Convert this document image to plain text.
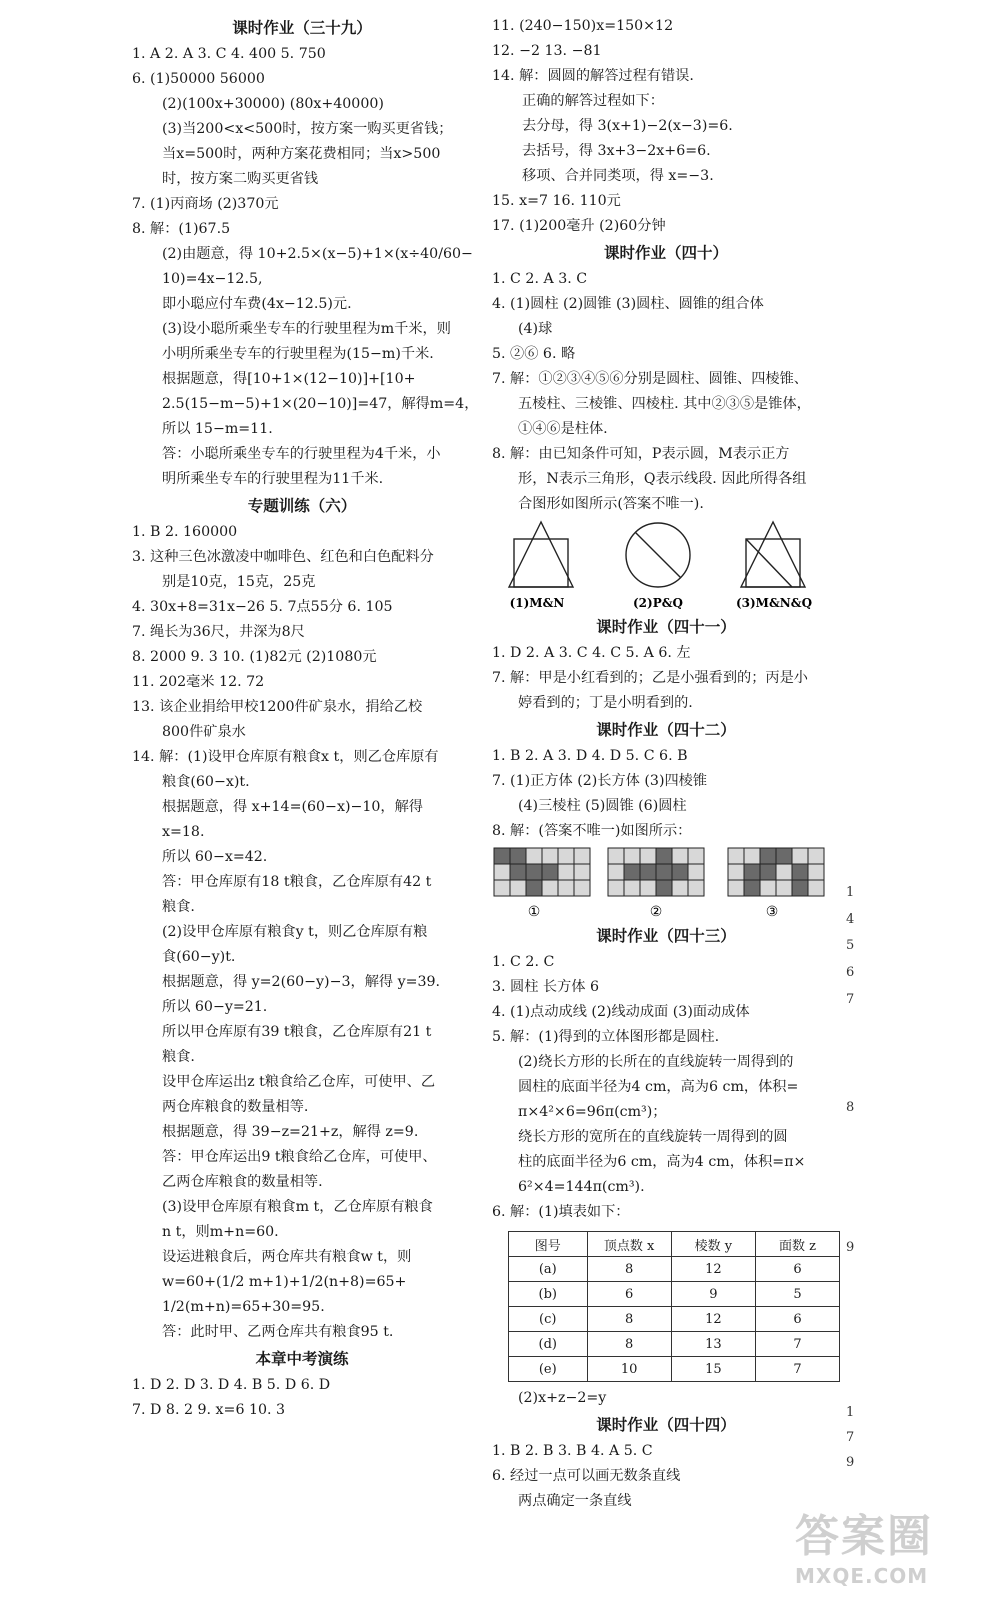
课时作业（三十九）
1. A 2. A 3. C 4. 400 5. 750
6. (1)50000 56000
(2)(100x+30000) (80x+40000)
(3)当200<x<500时，按方案一购买更省钱；
当x=500时，两种方案花费相同；当x>500
时，按方案二购买更省钱
7. (1)丙商场 (2)370元
8. 解：(1)67.5
(2)由题意，得 10+2.5×(x−5)+1×(x÷40/60−
10)=4x−12.5,
即小聪应付车费(4x−12.5)元.
(3)设小聪所乘坐专车的行驶里程为m千米，则
小明所乘坐专车的行驶里程为(15−m)千米.
根据题意，得[10+1×(12−10)]+[10+
2.5(15−m−5)+1×(20−10)]=47，解得m=4，
所以 15−m=11.
答：小聪所乘坐专车的行驶里程为4千米，小
明所乘坐专车的行驶里程为11千米.
专题训练（六）
1. B 2. 160000
3. 这种三色冰激凌中咖啡色、红色和白色配料分
别是10克，15克，25克
4. 30x+8=31x−26 5. 7点55分 6. 105
7. 绳长为36尺，井深为8尺
8. 2000 9. 3 10. (1)82元 (2)1080元
11. 202毫米 12. 72
13. 该企业捐给甲校1200件矿泉水，捐给乙校
800件矿泉水
14. 解：(1)设甲仓库原有粮食x t，则乙仓库原有
粮食(60−x)t.
根据题意，得 x+14=(60−x)−10，解得
x=18.
所以 60−x=42.
答：甲仓库原有18 t粮食，乙仓库原有42 t
粮食.
(2)设甲仓库原有粮食y t，则乙仓库原有粮
食(60−y)t.
根据题意，得 y=2(60−y)−3，解得 y=39.
所以 60−y=21.
所以甲仓库原有39 t粮食，乙仓库原有21 t
粮食.
设甲仓库运出z t粮食给乙仓库，可使甲、乙
两仓库粮食的数量相等.
根据题意，得 39−z=21+z，解得 z=9.
答：甲仓库运出9 t粮食给乙仓库，可使甲、
乙两仓库粮食的数量相等.
(3)设甲仓库原有粮食m t，乙仓库原有粮食
n t，则m+n=60.
设运进粮食后，两仓库共有粮食w t，则
w=60+(1/2 m+1)+1/2(n+8)=65+
1/2(m+n)=65+30=95.
答：此时甲、乙两仓库共有粮食95 t.
本章中考演练
1. D 2. D 3. D 4. B 5. D 6. D
7. D 8. 2 9. x=6 10. 3
11. (240−150)x=150×12
12. −2 13. −81
14. 解：圆圆的解答过程有错误.
正确的解答过程如下：
去分母，得 3(x+1)−2(x−3)=6.
去括号，得 3x+3−2x+6=6.
移项、合并同类项，得 x=−3.
15. x=7 16. 110元
17. (1)200毫升 (2)60分钟
课时作业（四十）
1. C 2. A 3. C
4. (1)圆柱 (2)圆锥 (3)圆柱、圆锥的组合体
(4)球
5. ②⑥ 6. 略
7. 解：①②③④⑤⑥分别是圆柱、圆锥、四棱锥、
五棱柱、三棱锥、四棱柱. 其中②③⑤是锥体，
①④⑥是柱体.
8. 解：由已知条件可知，P表示圆，M表示正方
形，N表示三角形，Q表示线段. 因此所得各组
合图形如图所示(答案不唯一).
(1)M&N	(2)P&Q	(3)M&N&Q
课时作业（四十一）
1. D 2. A 3. C 4. C 5. A 6. 左
7. 解：甲是小红看到的；乙是小强看到的；丙是小
婷看到的；丁是小明看到的.
课时作业（四十二）
1. B 2. A 3. D 4. D 5. C 6. B
7. (1)正方体 (2)长方体 (3)四棱锥
(4)三棱柱 (5)圆锥 (6)圆柱
8. 解：(答案不唯一)如图所示：
①	②	③
课时作业（四十三）
1. C 2. C
3. 圆柱 长方体 6
4. (1)点动成线 (2)线动成面 (3)面动成体
5. 解：(1)得到的立体图形都是圆柱.
(2)绕长方形的长所在的直线旋转一周得到的
圆柱的底面半径为4 cm，高为6 cm，体积=
π×4²×6=96π(cm³)；
绕长方形的宽所在的直线旋转一周得到的圆
柱的底面半径为6 cm，高为4 cm，体积=π×
6²×4=144π(cm³).
6. 解：(1)填表如下：
图号	顶点数 x	棱数 y	面数 z
(a)	8	12	6
(b)	6	9	5
(c)	8	12	6
(d)	8	13	7
(e)	10	15	7
(2)x+z−2=y
课时作业（四十四）
1. B 2. B 3. B 4. A 5. C
6. 经过一点可以画无数条直线
两点确定一条直线
1
4
5
6
7
8
9
1
7
9
答案圈
MXQE.COM
